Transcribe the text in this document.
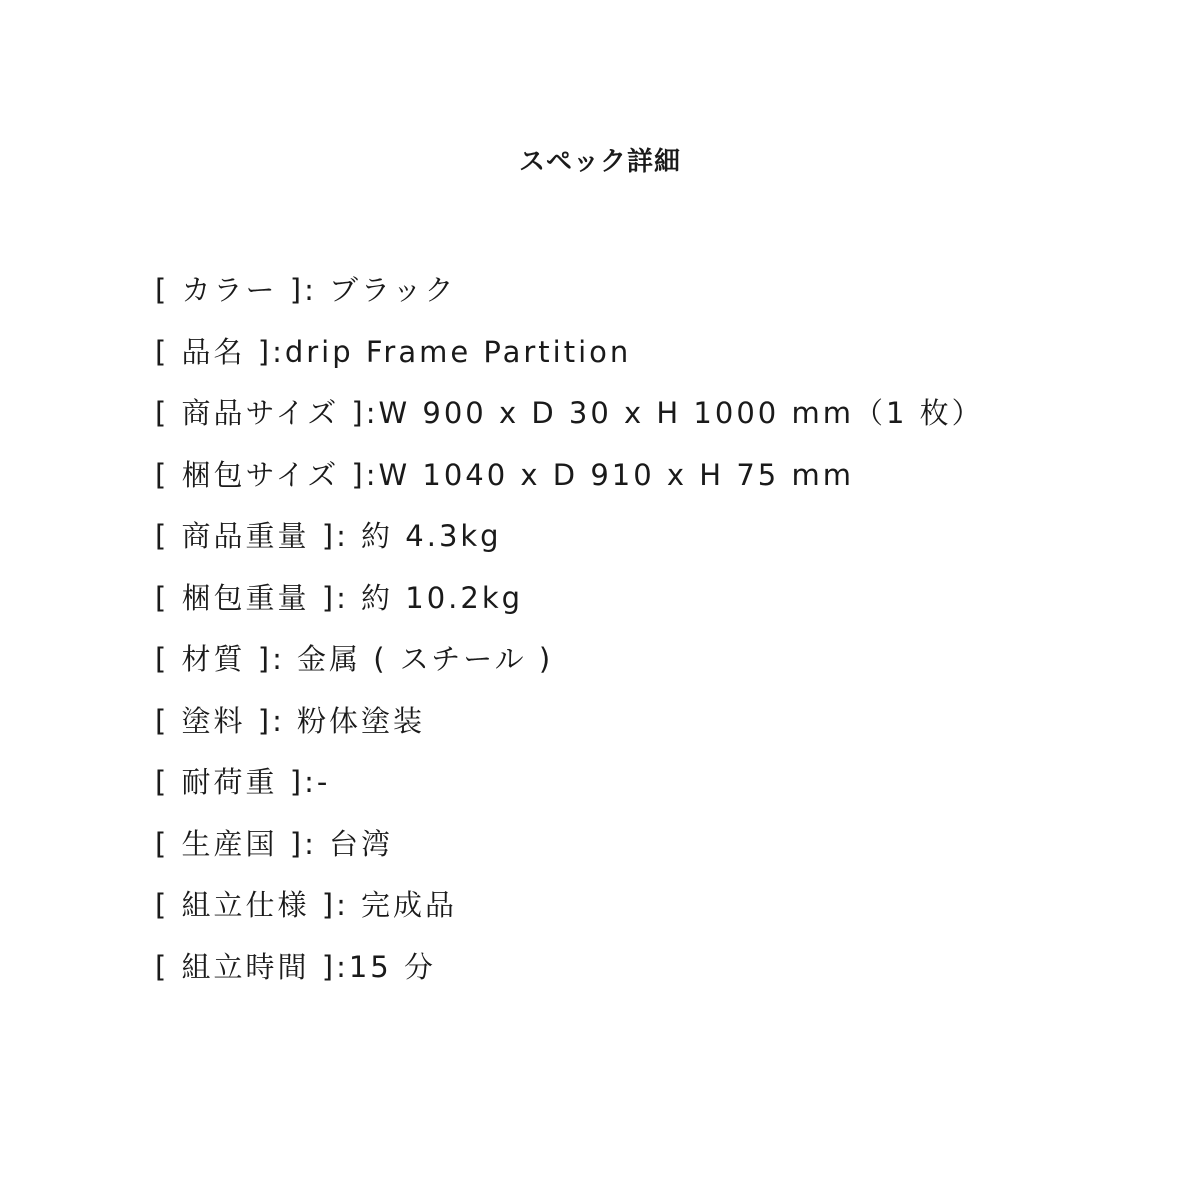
スペック詳細
[ カラー ]: ブラック
[ 品名 ]:drip Frame Partition
[ 商品サイズ ]:W 900 x D 30 x H 1000 mm（1 枚）
[ 梱包サイズ ]:W 1040 x D 910 x H 75 mm
[ 商品重量 ]: 約 4.3kg
[ 梱包重量 ]: 約 10.2kg
[ 材質 ]: 金属 ( スチール )
[ 塗料 ]: 粉体塗装
[ 耐荷重 ]:-
[ 生産国 ]: 台湾
[ 組立仕様 ]: 完成品
[ 組立時間 ]:15 分
